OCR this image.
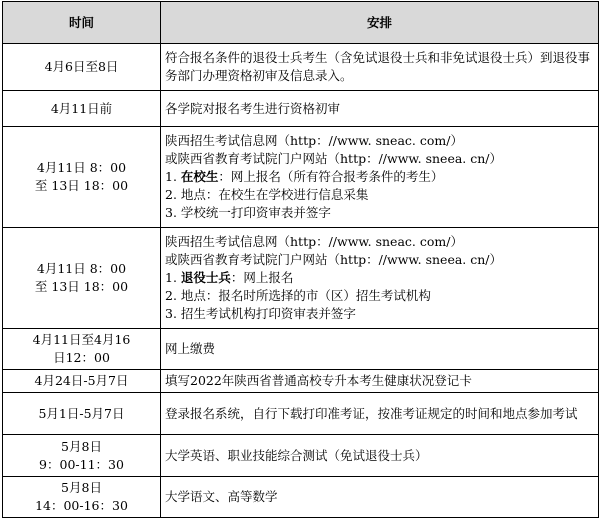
时间	安排

4月6日至8日	符合报名条件的退役士兵考生（含免试退役士兵和非免试退役士兵）到退役事务部门办理资格初审及信息录入。

4月11日前	各学院对报名考生进行资格初审

4月11日 8：00
至 13日 18：00	陕西招生考试信息网（http：//www. sneac. com/）
或陕西省教育考试院门户网站（http：//www. sneea. cn/）
1. 在校生：网上报名（所有符合报考条件的考生）
2. 地点：在校生在学校进行信息采集
3. 学校统一打印资审表并签字

4月11日 8：00
至 13日 18：00	陕西招生考试信息网（http：//www. sneac. com/）
或陕西省教育考试院门户网站（http：//www. sneea. cn/）
1. 退役士兵：网上报名
2. 地点：报名时所选择的市（区）招生考试机构
3. 招生考试机构打印资审表并签字

4月11日至4月16
日12：00	网上缴费

4月24日-5月7日	填写2022年陕西省普通高校专升本考生健康状况登记卡

5月1日-5月7日	登录报名系统，自行下载打印准考证，按准考证规定的时间和地点参加考试

5月8日
9：00-11：30	大学英语、职业技能综合测试（免试退役士兵）

5月8日
14：00-16：30	大学语文、高等数学
